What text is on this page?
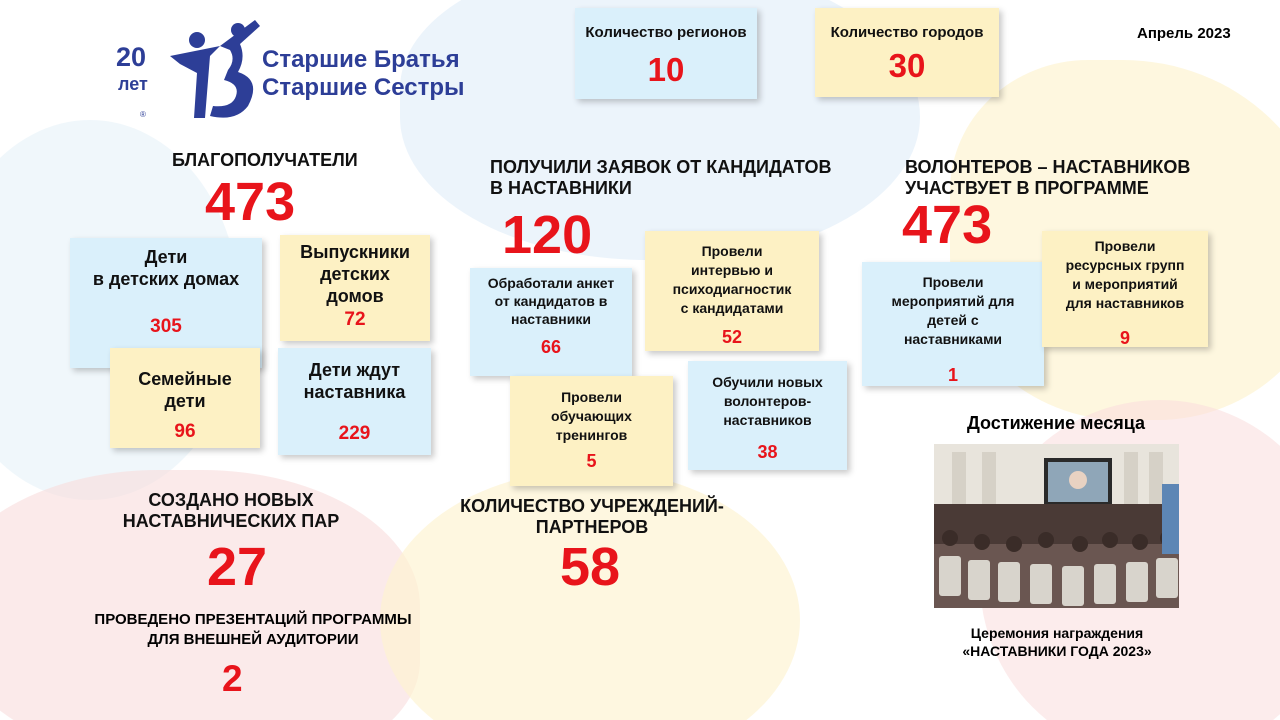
20
лет
®
Старшие Братья
Старшие Сестры
Апрель 2023
Количество регионов
10
Количество городов
30
БЛАГОПОЛУЧАТЕЛИ
473
Дети
в детских домах
305
Выпускники
детских
домов
72
Семейные
дети
96
Дети ждут
наставника
229
ПОЛУЧИЛИ ЗАЯВОК ОТ КАНДИДАТОВ
В НАСТАВНИКИ
120
Обработали анкет
от кандидатов в
наставники
66
Провели
интервью и
психодиагностик
с кандидатами
52
Провели
обучающих
тренингов
5
Обучили новых
волонтеров-
наставников
38
ВОЛОНТЕРОВ – НАСТАВНИКОВ
УЧАСТВУЕТ В ПРОГРАММЕ
473
Провели
мероприятий для
детей с
наставниками
1
Провели
ресурсных групп
и мероприятий
для наставников
9
СОЗДАНО НОВЫХ
НАСТАВНИЧЕСКИХ ПАР
27
ПРОВЕДЕНО ПРЕЗЕНТАЦИЙ ПРОГРАММЫ
ДЛЯ ВНЕШНЕЙ АУДИТОРИИ
2
КОЛИЧЕСТВО УЧРЕЖДЕНИЙ-
ПАРТНЕРОВ
58
Достижение месяца
Церемония награждения
«НАСТАВНИКИ ГОДА 2023»
